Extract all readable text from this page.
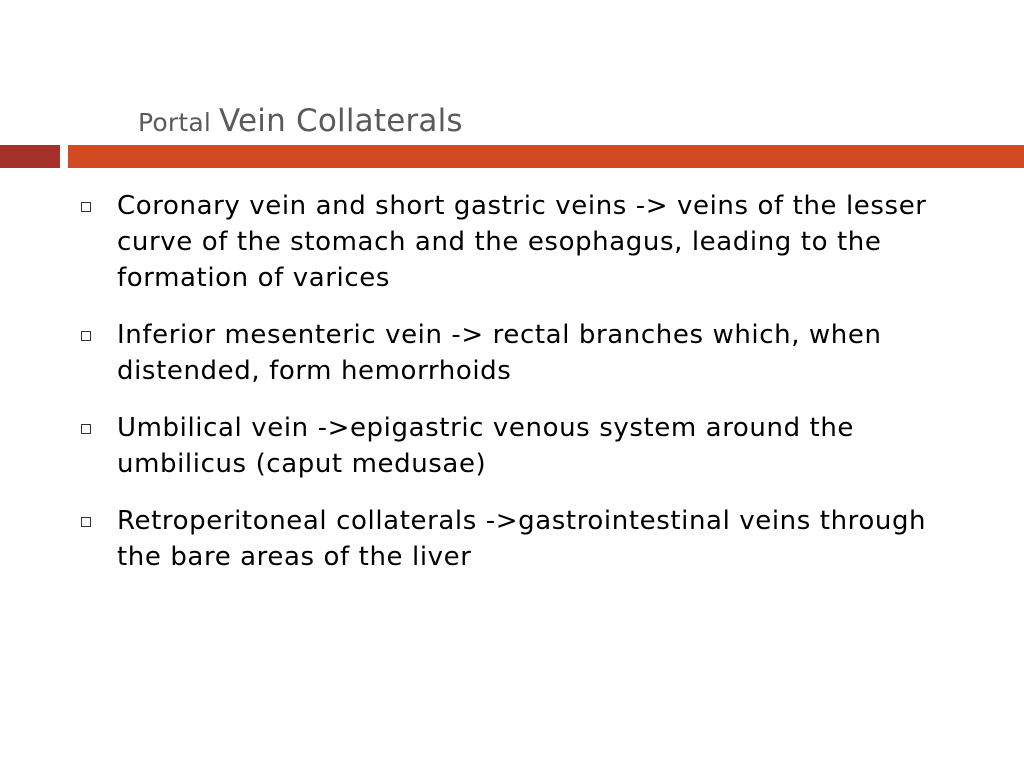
Portal Vein Collaterals
Coronary vein and short gastric veins -> veins of the lesser curve of the stomach and the esophagus, leading to the formation of varices
Inferior mesenteric vein -> rectal branches which, when distended, form hemorrhoids
Umbilical vein ->epigastric venous system around the umbilicus (caput medusae)
Retroperitoneal collaterals ->gastrointestinal veins through the bare areas of the liver
